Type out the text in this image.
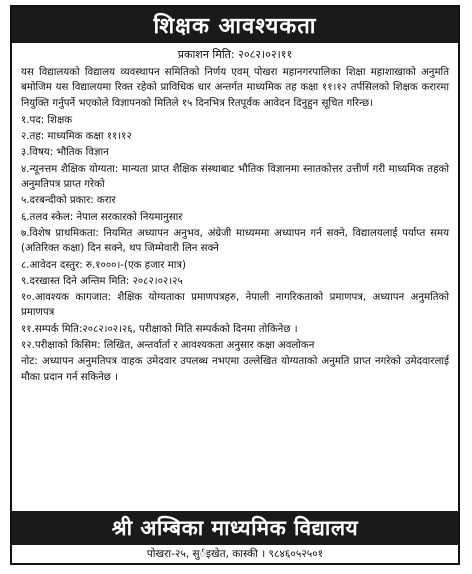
शिक्षक आवश्यकता
प्रकाशन मिति: २०८२।०२।११

यस विद्यालयको विद्यालय व्यवस्थापन समितिको निर्णय एवम् पोखरा महानगरपालिका शिक्षा महाशाखाको अनुमति बमोजिम यस विद्यालयमा रिक्त रहेको प्राविधिक धार अन्तर्गत माध्यमिक तह कक्षा ११।१२ तर्पसिलको शिक्षक करारमा नियुक्ति गर्नुपर्ने भएकोले विज्ञापनको मितिले १५ दिनभित्र रितपूर्वक आवेदन दिनुहुन सूचित गरिन्छ।

१.पद: शिक्षक

२.तह: माध्यमिक कक्षा ११।१२

३.विषय: भौतिक विज्ञान

४.न्यूनत्तम शैक्षिक योग्यता: मान्यता प्राप्त शैक्षिक संस्थाबाट भौतिक विज्ञानमा स्नातकोत्तर उत्तीर्ण गरी माध्यमिक तहको अनुमतिपत्र प्राप्त गरेको

५.दरबन्दीको प्रकार: करार

६.तलव स्केल: नेपाल सरकारको नियमानुसार

७.विशेष प्राथमिकता: नियमित अध्यापन अनुभव, अंग्रेजी माध्यममा अध्यापन गर्न सक्ने, विद्यालयलाई पर्याप्त समय (अतिरिक्त कक्षा) दिन सक्ने, थप जिम्मेवारी लिन सक्ने

८.आवेदन दस्तुर: रु.१०००।-(एक हजार मात्र)

९.दरखास्त दिने अन्तिम मिति: २०८२।०२।२५

१०.आवश्यक कागजात: शैक्षिक योग्यताका प्रमाणपत्रहरु, नेपाली नागरिकताको प्रमाणपत्र, अध्यापन अनुमतिको प्रमाणपत्र

११.सम्पर्क मिति:२०८२।०२।२६, परीक्षाको मिति सम्पर्कको दिनमा तोकिनेछ ।

१२.परीक्षाको किसिम: लिखित, अन्तर्वार्ता र आवश्यकता अनुसार कक्षा अवलोकन

नोट: अध्यापन अनुमतिपत्र वाहक उमेदवार उपलब्ध नभएमा उल्लेखित योग्यताको अनुमति प्राप्त नगरेको उमेदवारलाई मौका प्रदान गर्न सकिनेछ ।

श्री अम्बिका माध्यमिक विद्यालय
पोखरा-२५, सुर्इखेत, कास्की । ९८४६०५२५०१
